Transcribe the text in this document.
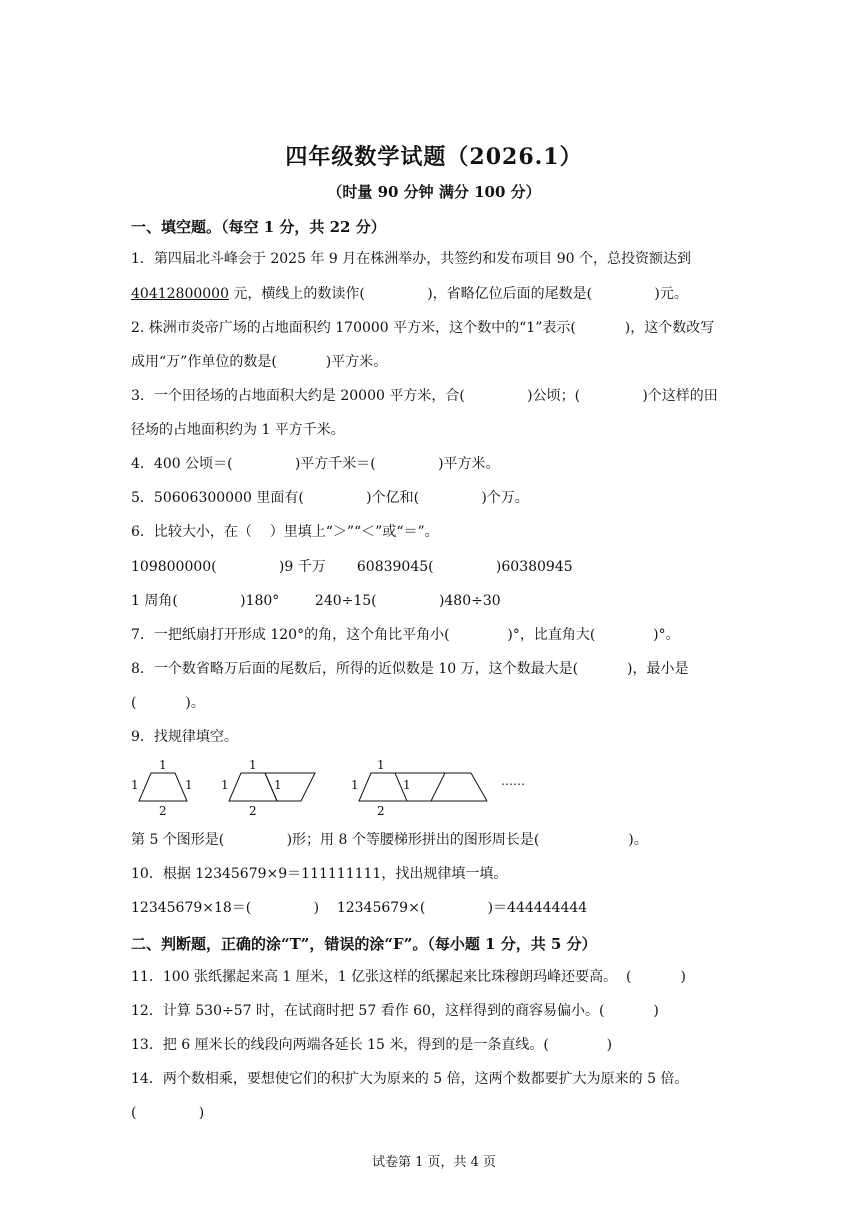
四年级数学试题（2026.1）
（时量 90 分钟 满分 100 分）
一、填空题。（每空 1 分，共 22 分）
1．第四届北斗峰会于 2025 年 9 月在株洲举办，共签约和发布项目 90 个，总投资额达到
40412800000 元，横线上的数读作(              )，省略亿位后面的尾数是(              )元。
2. 株洲市炎帝广场的占地面积约 170000 平方米，这个数中的“1”表示(           )，这个数改写
成用“万”作单位的数是(           )平方米。
3．一个田径场的占地面积大约是 20000 平方米，合(              )公顷；(              )个这样的田
径场的占地面积约为 1 平方千米。
4．400 公顷＝(              )平方千米＝(              )平方米。
5．50606300000 里面有(              )个亿和(              )个万。
6．比较大小，在（    ）里填上“＞”“＜”或“＝”。
109800000(              )9 千万       60839045(              )60380945
1 周角(              )180°        240÷15(              )480÷30
7．一把纸扇打开形成 120°的角，这个角比平角小(             )°，比直角大(             )°。
8．一个数省略万后面的尾数后，所得的近似数是 10 万，这个数最大是(           )，最小是
(           )。
9．找规律填空。
1
1	1
2
1
1	1
2
1
1	1
2
……
第 5 个图形是(              )形；用 8 个等腰梯形拼出的图形周长是(                    )。
10．根据 12345679×9＝111111111，找出规律填一填。
12345679×18＝(              )    12345679×(              )＝444444444
二、判断题，正确的涂“T”，错误的涂“F”。（每小题 1 分，共 5 分）
11．100 张纸摞起来高 1 厘米，1 亿张这样的纸摞起来比珠穆朗玛峰还要高。  (           )
12．计算 530÷57 时，在试商时把 57 看作 60，这样得到的商容易偏小。(           )
13．把 6 厘米长的线段向两端各延长 15 米，得到的是一条直线。(             )
14．两个数相乘，要想使它们的积扩大为原来的 5 倍，这两个数都要扩大为原来的 5 倍。
(              )
试卷第 1 页，共 4 页
